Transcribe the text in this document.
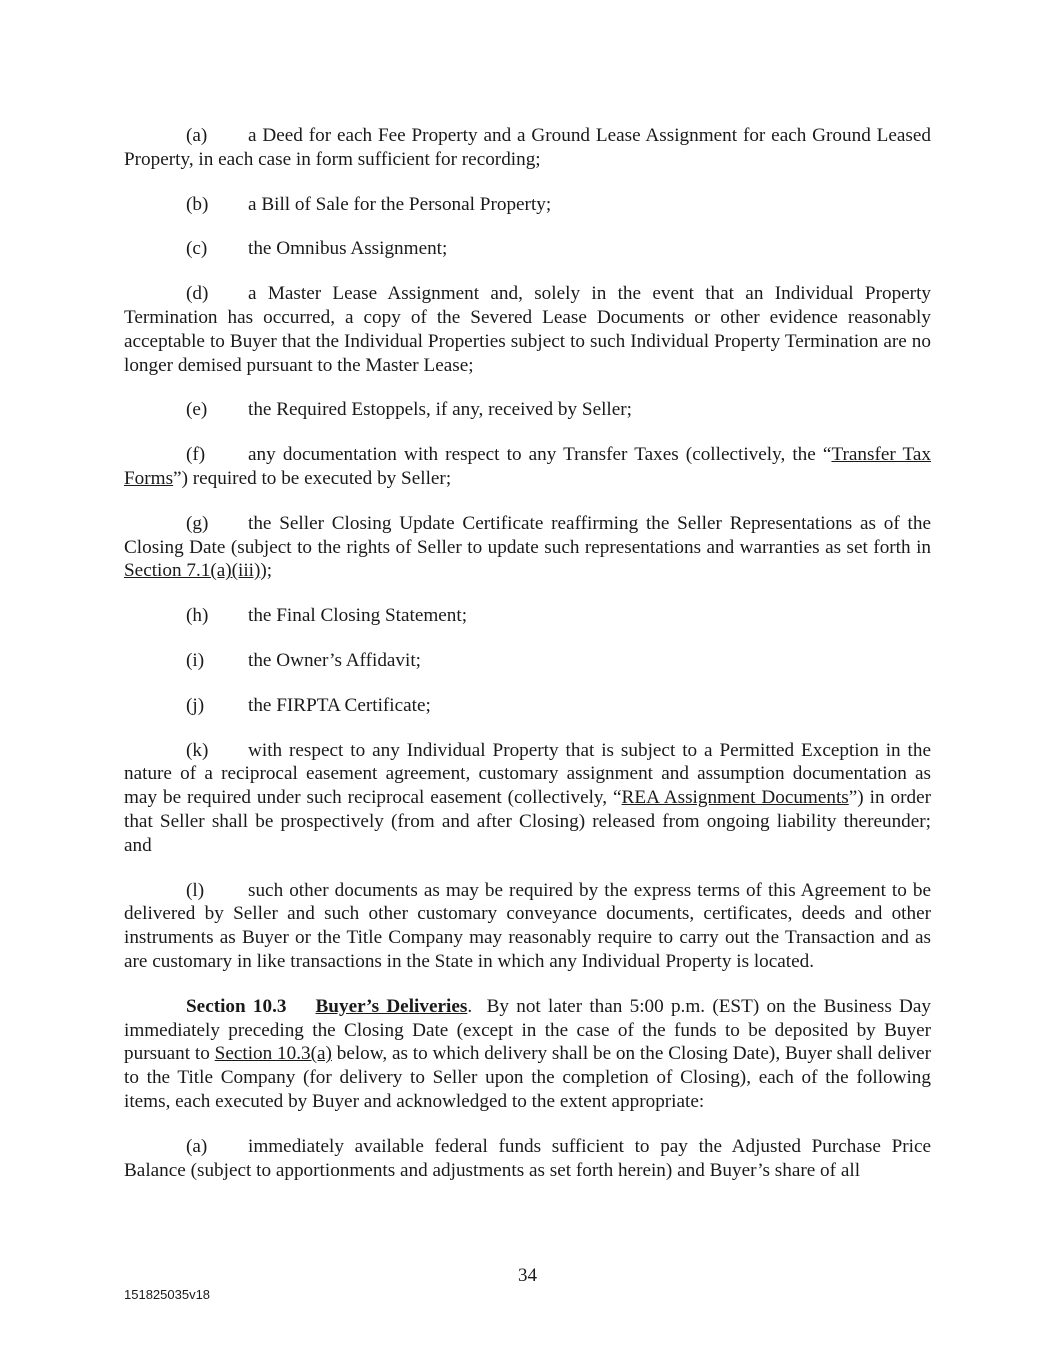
(a) a Deed for each Fee Property and a Ground Lease Assignment for each Ground Leased Property, in each case in form sufficient for recording;

(b) a Bill of Sale for the Personal Property;

(c) the Omnibus Assignment;

(d) a Master Lease Assignment and, solely in the event that an Individual Property Termination has occurred, a copy of the Severed Lease Documents or other evidence reasonably acceptable to Buyer that the Individual Properties subject to such Individual Property Termination are no longer demised pursuant to the Master Lease;

(e) the Required Estoppels, if any, received by Seller;

(f) any documentation with respect to any Transfer Taxes (collectively, the “Transfer Tax Forms”) required to be executed by Seller;

(g) the Seller Closing Update Certificate reaffirming the Seller Representations as of the Closing Date (subject to the rights of Seller to update such representations and warranties as set forth in Section 7.1(a)(iii));

(h) the Final Closing Statement;

(i) the Owner’s Affidavit;

(j) the FIRPTA Certificate;

(k) with respect to any Individual Property that is subject to a Permitted Exception in the nature of a reciprocal easement agreement, customary assignment and assumption documentation as may be required under such reciprocal easement (collectively, “REA Assignment Documents”) in order that Seller shall be prospectively (from and after Closing) released from ongoing liability thereunder; and

(l) such other documents as may be required by the express terms of this Agreement to be delivered by Seller and such other customary conveyance documents, certificates, deeds and other instruments as Buyer or the Title Company may reasonably require to carry out the Transaction and as are customary in like transactions in the State in which any Individual Property is located.

Section 10.3 Buyer’s Deliveries. By not later than 5:00 p.m. (EST) on the Business Day immediately preceding the Closing Date (except in the case of the funds to be deposited by Buyer pursuant to Section 10.3(a) below, as to which delivery shall be on the Closing Date), Buyer shall deliver to the Title Company (for delivery to Seller upon the completion of Closing), each of the following items, each executed by Buyer and acknowledged to the extent appropriate:

(a) immediately available federal funds sufficient to pay the Adjusted Purchase Price Balance (subject to apportionments and adjustments as set forth herein) and Buyer’s share of all

34
151825035v18
